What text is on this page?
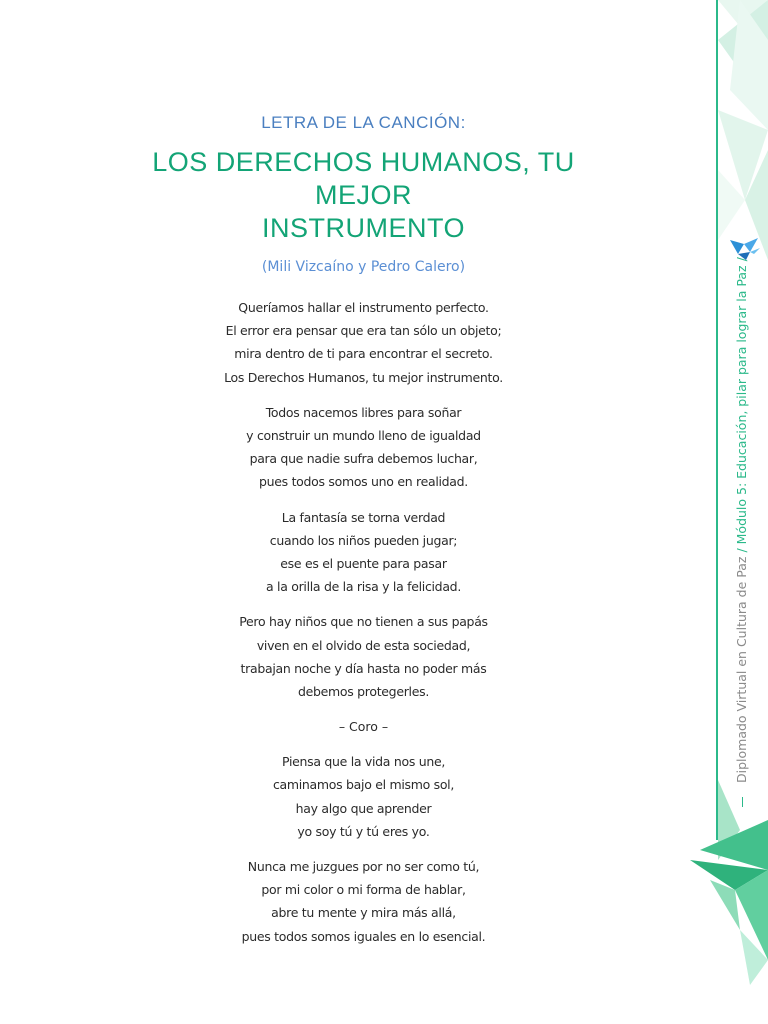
LETRA DE LA CANCIÓN:

LOS DERECHOS HUMANOS, TU MEJOR
INSTRUMENTO

(Mili Vizcaíno y Pedro Calero)

Queríamos hallar el instrumento perfecto.
El error era pensar que era tan sólo un objeto;
mira dentro de ti para encontrar el secreto.
Los Derechos Humanos, tu mejor instrumento.
Todos nacemos libres para soñar
y construir un mundo lleno de igualdad
para que nadie sufra debemos luchar,
pues todos somos uno en realidad.
La fantasía se torna verdad
cuando los niños pueden jugar;
ese es el puente para pasar
a la orilla de la risa y la felicidad.
Pero hay niños que no tienen a sus papás
viven en el olvido de esta sociedad,
trabajan noche y día hasta no poder más
debemos protegerles.

– Coro –

Piensa que la vida nos une,
caminamos bajo el mismo sol,
hay algo que aprender
yo soy tú y tú eres yo.
Nunca me juzgues por no ser como tú,
por mi color o mi forma de hablar,
abre tu mente y mira más allá,
pues todos somos iguales en lo esencial.
Diplomado Virtual en Cultura de Paz / Módulo 5: Educación, pilar para lograr la Paz /
